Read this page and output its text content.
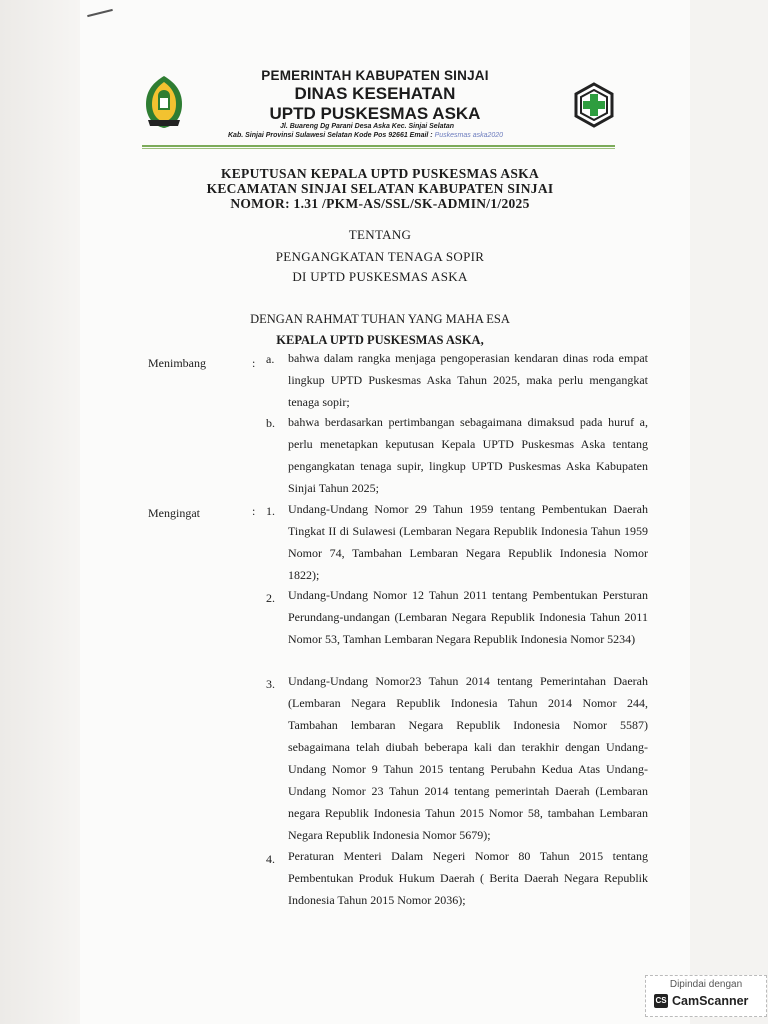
PEMERINTAH KABUPATEN SINJAI
DINAS KESEHATAN
UPTD PUSKESMAS ASKA
Jl. Buareng Dg Parani Desa Aska Kec. Sinjai Selatan
Kab. Sinjai Provinsi Sulawesi Selatan Kode Pos 92661 Email : Puskesmas aska2020
KEPUTUSAN KEPALA UPTD PUSKESMAS ASKA
KECAMATAN SINJAI SELATAN KABUPATEN SINJAI
NOMOR: 1.31 /PKM-AS/SSL/SK-ADMIN/1/2025
TENTANG
PENGANGKATAN TENAGA SOPIR
DI UPTD PUSKESMAS ASKA
DENGAN RAHMAT TUHAN YANG MAHA ESA
KEPALA UPTD PUSKESMAS ASKA,
Menimbang	: a. bahwa dalam rangka menjaga pengoperasian kendaran dinas roda empat lingkup UPTD Puskesmas Aska Tahun 2025, maka perlu mengangkat tenaga sopir;
b. bahwa berdasarkan pertimbangan sebagaimana dimaksud pada huruf a, perlu menetapkan keputusan Kepala UPTD Puskesmas Aska tentang pengangkatan tenaga supir, lingkup UPTD Puskesmas Aska Kabupaten Sinjai Tahun 2025;
Mengingat	: 1. Undang-Undang Nomor 29 Tahun 1959 tentang Pembentukan Daerah Tingkat II di Sulawesi (Lembaran Negara Republik Indonesia Tahun 1959 Nomor 74, Tambahan Lembaran Negara Republik Indonesia Nomor 1822);
2. Undang-Undang Nomor 12 Tahun 2011 tentang Pembentukan Persturan Perundang-undangan (Lembaran Negara Republik Indonesia Tahun 2011 Nomor 53, Tamhan Lembaran Negara Republik Indonesia Nomor 5234)
3. Undang-Undang Nomor23 Tahun 2014 tentang Pemerintahan Daerah (Lembaran Negara Republik Indonesia Tahun 2014 Nomor 244, Tambahan lembaran Negara Republik Indonesia Nomor 5587) sebagaimana telah diubah beberapa kali dan terakhir dengan Undang-Undang Nomor 9 Tahun 2015 tentang Perubahn Kedua Atas Undang-Undang Nomor 23 Tahun 2014 tentang pemerintah Daerah (Lembaran negara Republik Indonesia Tahun 2015 Nomor 58, tambahan Lembaran Negara Republik Indonesia Nomor 5679);
4. Peraturan Menteri Dalam Negeri Nomor 80 Tahun 2015 tentang Pembentukan Produk Hukum Daerah ( Berita Daerah Negara Republik Indonesia Tahun 2015 Nomor 2036);
Dipindai dengan
CS CamScanner
